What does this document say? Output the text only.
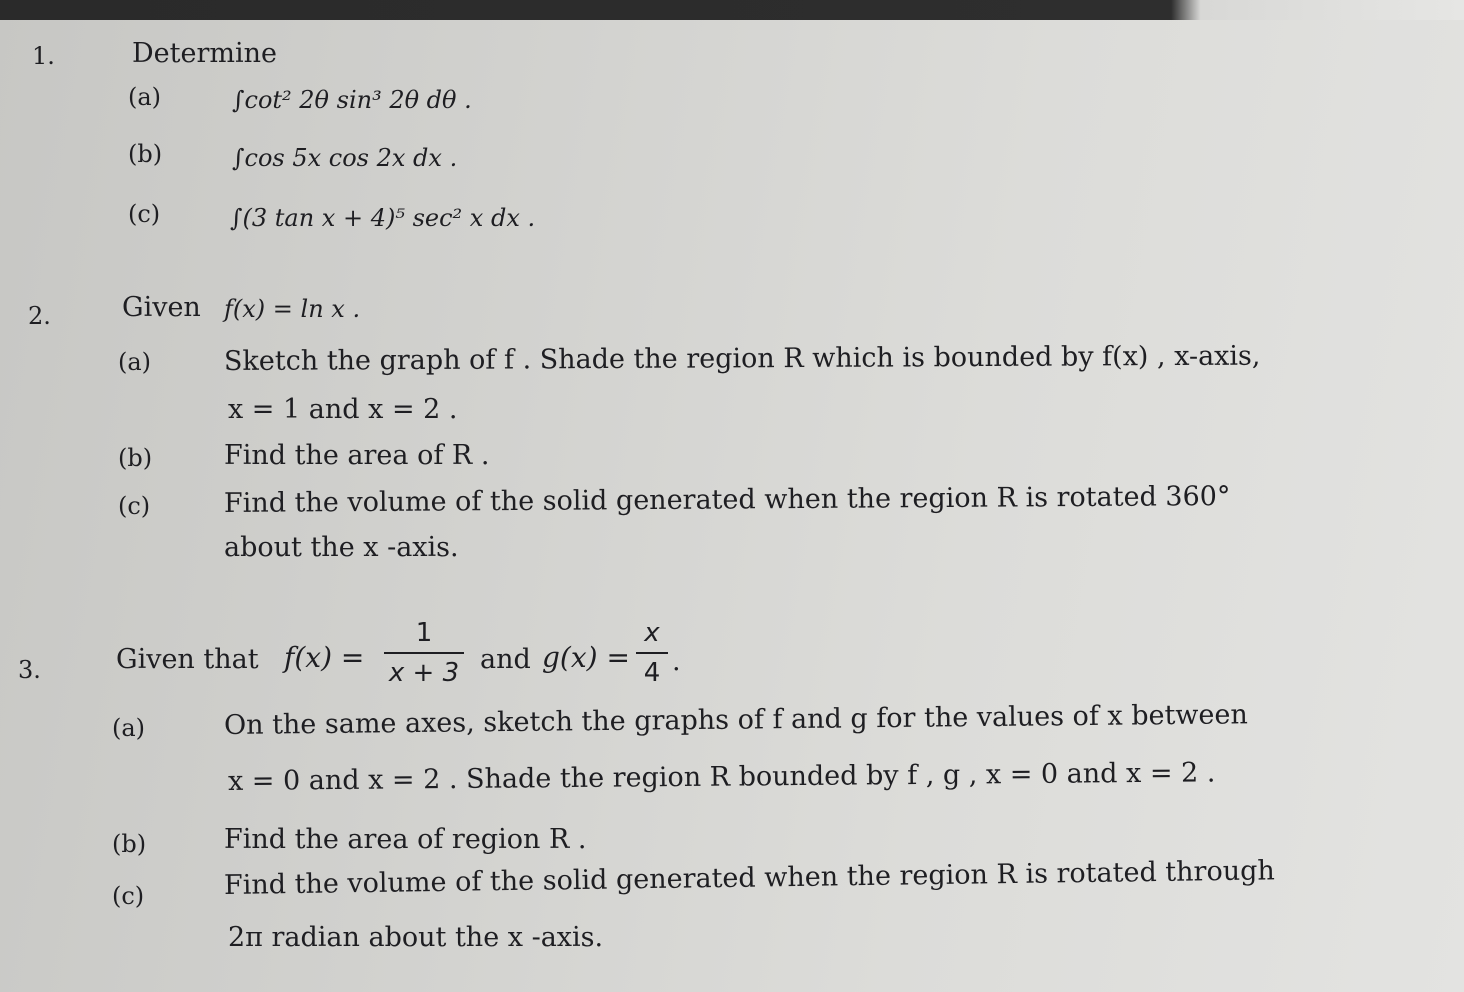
1.	Determine
(a)	∫cot² 2θ sin³ 2θ dθ .
(b)	∫cos 5x cos 2x dx .
(c)	∫(3 tan x + 4)⁵ sec² x dx .
2.	Given f(x) = ln x .
(a)	Sketch the graph of f . Shade the region R which is bounded by f(x) , x-axis,
x = 1 and x = 2 .
(b)	Find the area of R .
(c)	Find the volume of the solid generated when the region R is rotated 360°
about the x -axis.
3.	Given that f(x) =
1
x + 3 and g(x) =
x
4 .
(a)	On the same axes, sketch the graphs of f and g for the values of x between
x = 0 and x = 2 . Shade the region R bounded by f , g , x = 0 and x = 2 .
(b)	Find the area of region R .
(c)	Find the volume of the solid generated when the region R is rotated through
2π radian about the x -axis.
